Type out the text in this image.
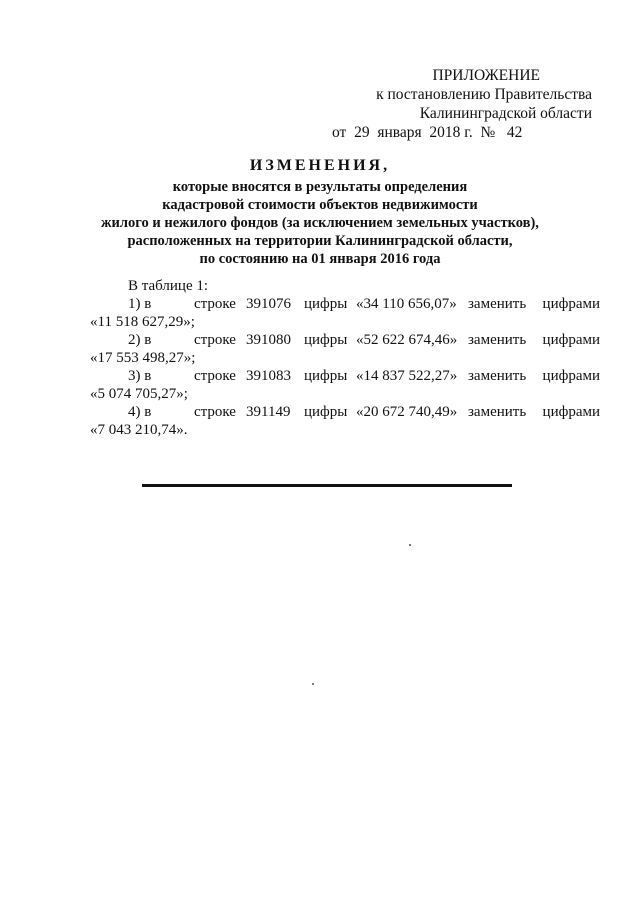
ПРИЛОЖЕНИЕ
к постановлению Правительства
Калининградской области
от  29  января  2018 г.  №   42
ИЗМЕНЕНИЯ,
которые вносятся в результаты определения
кадастровой стоимости объектов недвижимости
жилого и нежилого фондов (за исключением земельных участков),
расположенных на территории Калининградской области,
по состоянию на 01 января 2016 года
В таблице 1:
1) в	строке 391076 цифры «34 110 656,07» заменить	цифрами
«11 518 627,29»;
2) в	строке 391080 цифры «52 622 674,46» заменить	цифрами
«17 553 498,27»;
3) в	строке 391083 цифры «14 837 522,27» заменить	цифрами
«5 074 705,27»;
4) в	строке 391149 цифры «20 672 740,49» заменить	цифрами
«7 043 210,74».
